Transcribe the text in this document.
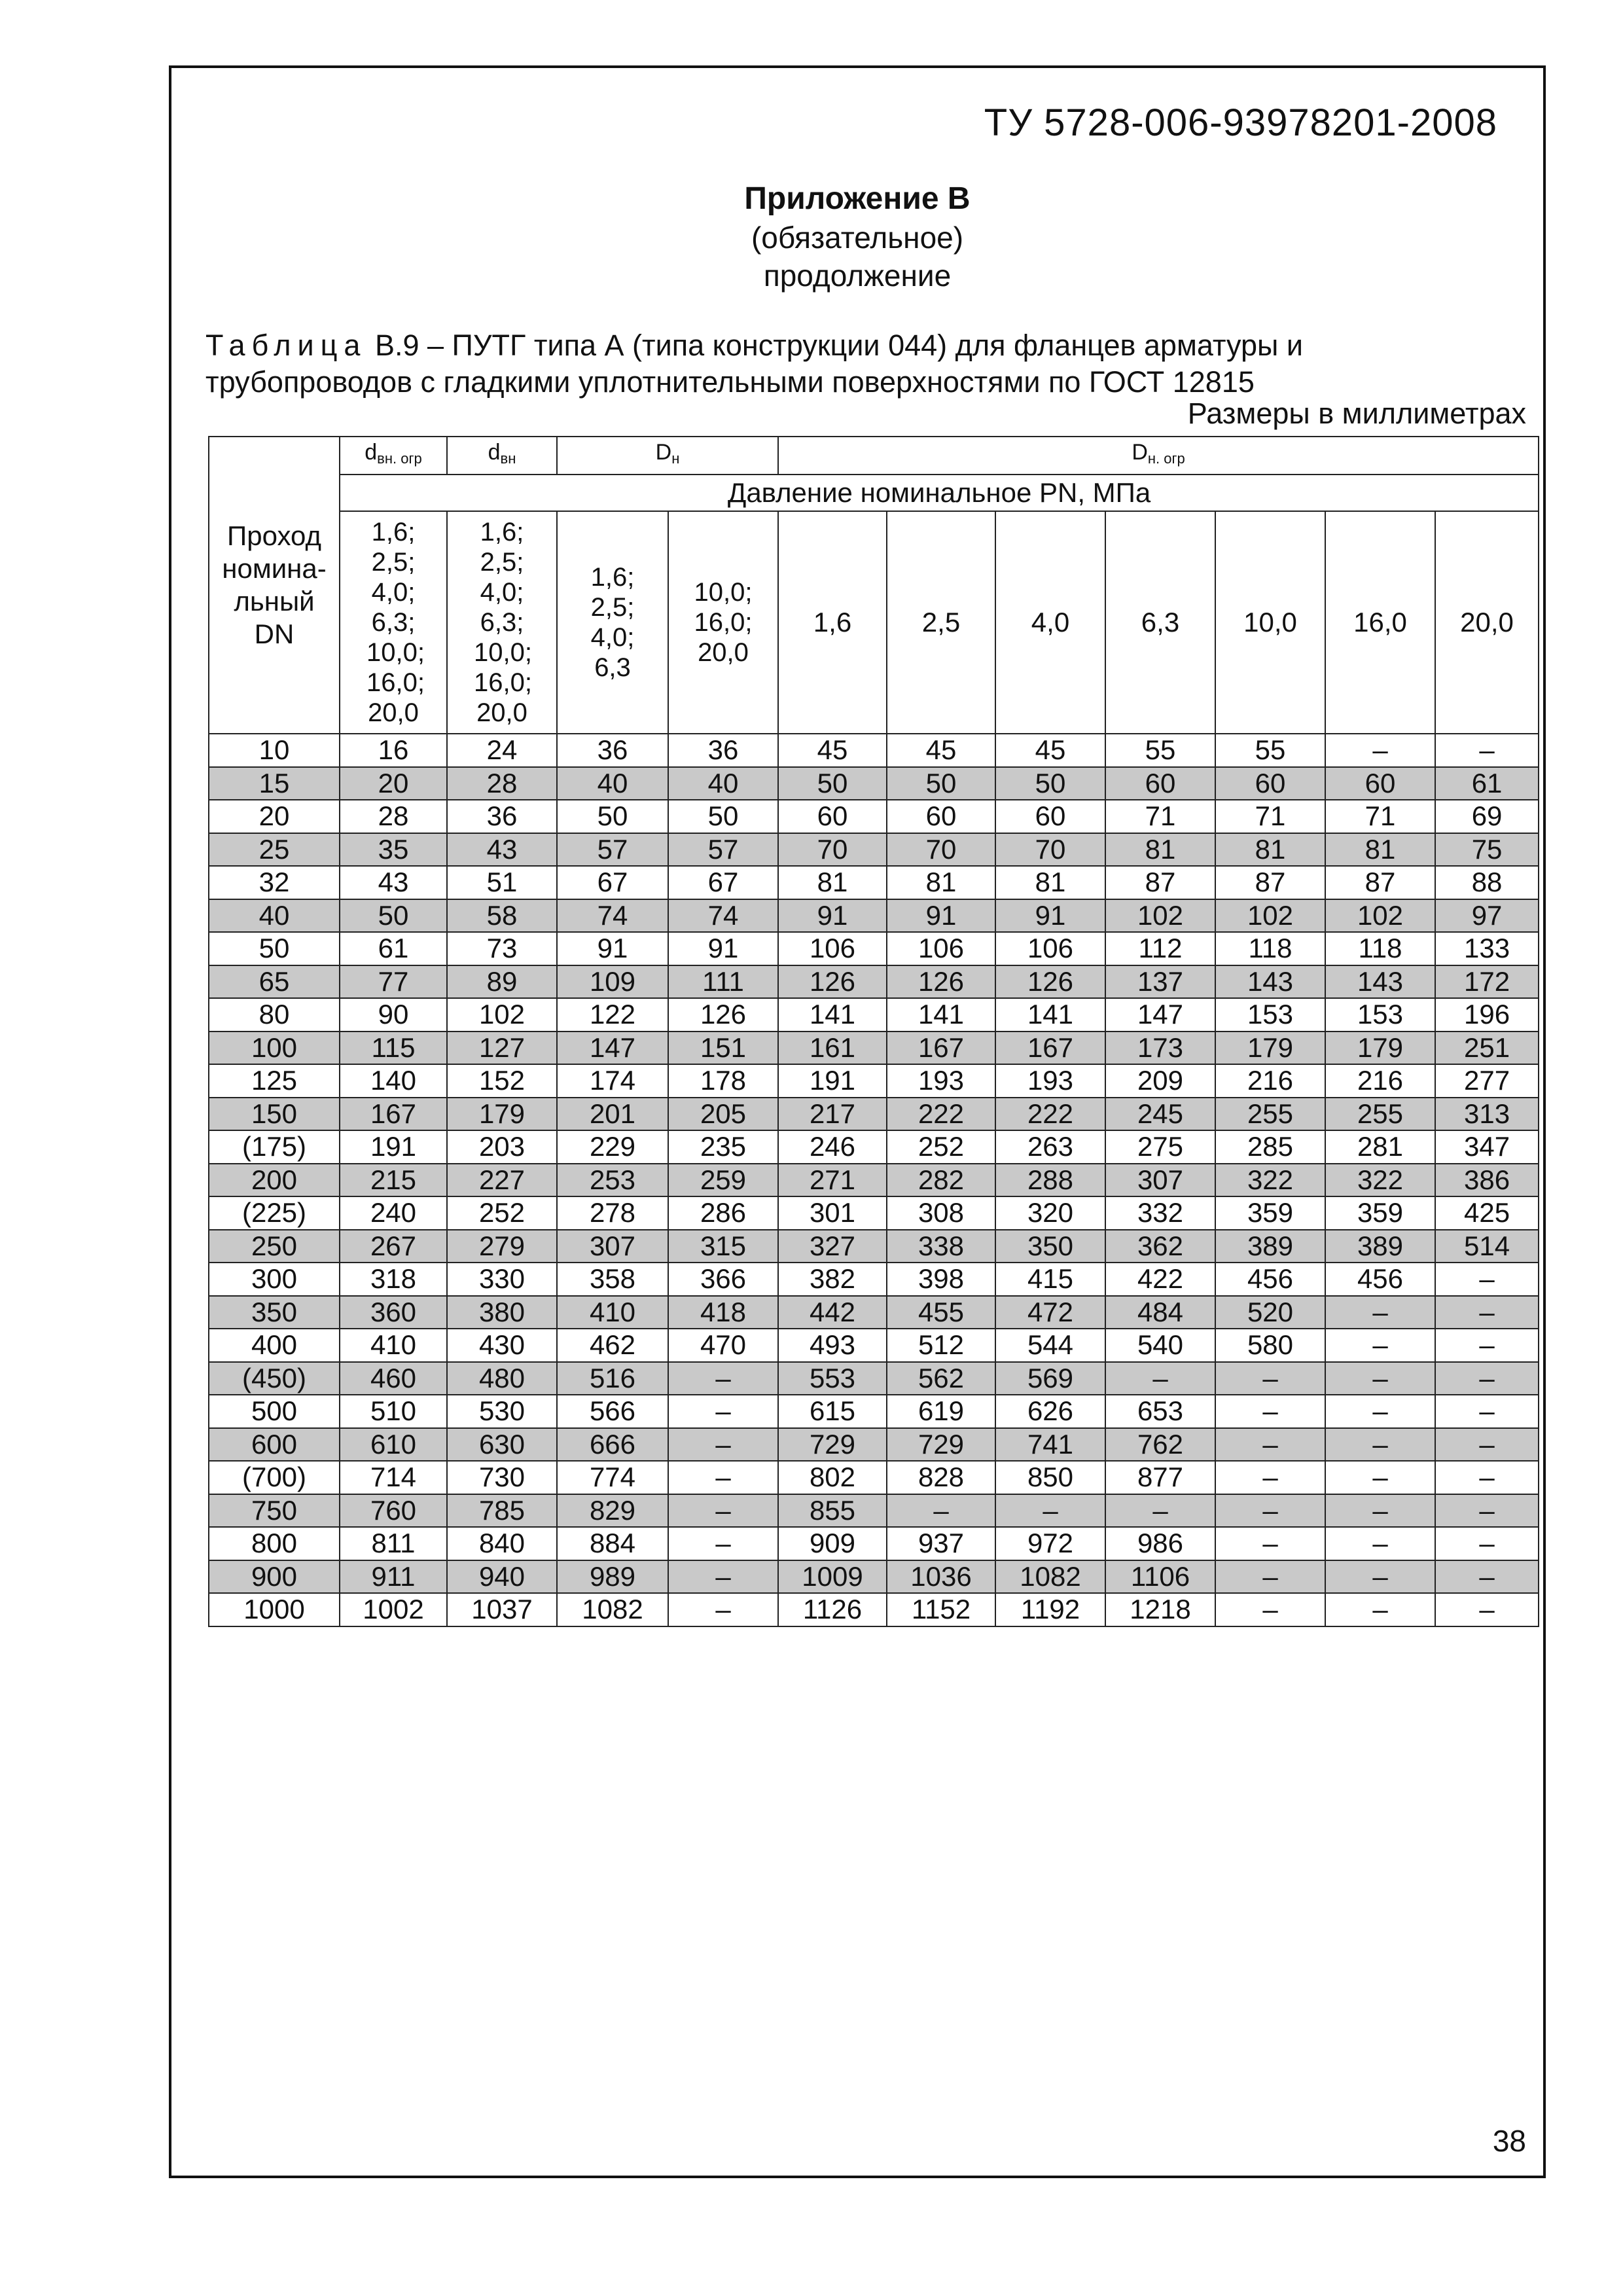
ТУ 5728-006-93978201-2008
Приложение В
(обязательное)
продолжение
Таблица В.9 – ПУТГ типа А (типа конструкции 044) для фланцев арматуры и трубопроводов с гладкими уплотнительными поверхностями по ГОСТ 12815
Размеры в миллиметрах
Проход номина-льный DN	$d_{вн. огр}$	$d_{вн}$	$D_н$		$D_{н. огр}$
	Давление номинальное PN, МПа										
	1,6; 2,5; 4,0; 6,3; 10,0; 16,0; 20,0	1,6; 2,5; 4,0; 6,3; 10,0; 16,0; 20,0	1,6; 2,5; 4,0; 6,3	10,0; 16,0; 20,0	1,6	2,5	4,0	6,3	10,0	16,0	20,0
10	16	24	36	36	45	45	45	55	55	–	–
15	20	28	40	40	50	50	50	60	60	60	61
20	28	36	50	50	60	60	60	71	71	71	69
25	35	43	57	57	70	70	70	81	81	81	75
32	43	51	67	67	81	81	81	87	87	87	88
40	50	58	74	74	91	91	91	102	102	102	97
50	61	73	91	91	106	106	106	112	118	118	133
65	77	89	109	111	126	126	126	137	143	143	172
80	90	102	122	126	141	141	141	147	153	153	196
100	115	127	147	151	161	167	167	173	179	179	251
125	140	152	174	178	191	193	193	209	216	216	277
150	167	179	201	205	217	222	222	245	255	255	313
(175)	191	203	229	235	246	252	263	275	285	281	347
200	215	227	253	259	271	282	288	307	322	322	386
(225)	240	252	278	286	301	308	320	332	359	359	425
250	267	279	307	315	327	338	350	362	389	389	514
300	318	330	358	366	382	398	415	422	456	456	–
350	360	380	410	418	442	455	472	484	520	–	–
400	410	430	462	470	493	512	544	540	580	–	–
(450)	460	480	516	–	553	562	569	–	–	–	–
500	510	530	566	–	615	619	626	653	–	–	–
600	610	630	666	–	729	729	741	762	–	–	–
(700)	714	730	774	–	802	828	850	877	–	–	–
750	760	785	829	–	855	–	–	–	–	–	–
800	811	840	884	–	909	937	972	986	–	–	–
900	911	940	989	–	1009	1036	1082	1106	–	–	–
1000	1002	1037	1082	–	1126	1152	1192	1218	–	–	–
38
